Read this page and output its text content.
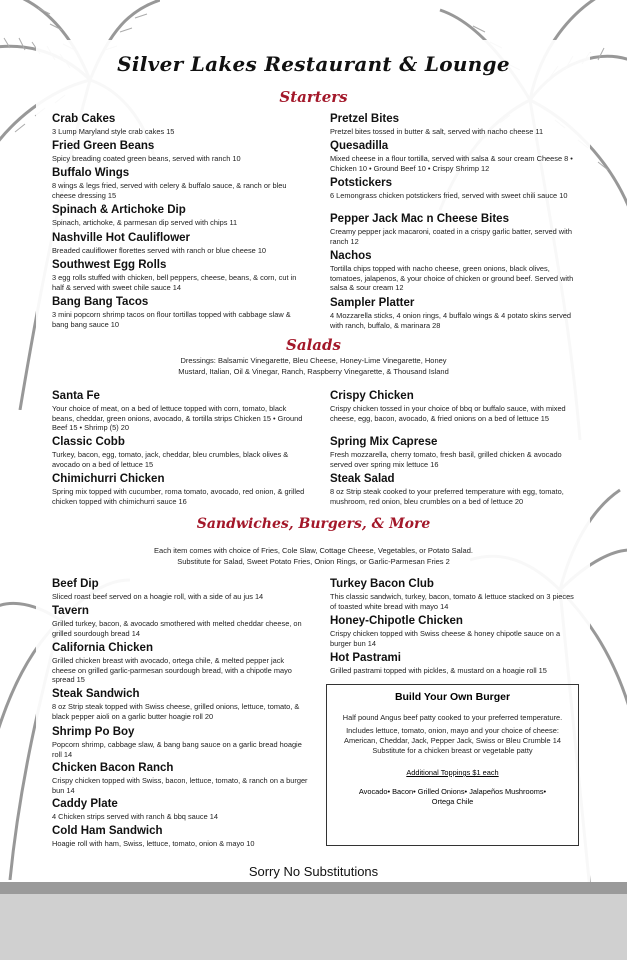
Silver Lakes Restaurant & Lounge
Starters
Crab Cakes
3 Lump Maryland style crab cakes 15
Fried Green Beans
Spicy breading coated green beans, served with ranch 10
Buffalo Wings
8 wings & legs fried, served with celery & buffalo sauce, & ranch or bleu cheese dressing 15
Spinach & Artichoke Dip
Spinach, artichoke, & parmesan dip served with chips 11
Nashville Hot Cauliflower
Breaded cauliflower florettes served with ranch or blue cheese 10
Southwest Egg Rolls
3 egg rolls stuffed with chicken, bell peppers, cheese, beans, & corn, cut in half & served with sweet chile sauce 14
Bang Bang Tacos
3 mini popcorn shrimp tacos on flour tortillas topped with cabbage slaw & bang bang sauce 10
Pretzel Bites
Pretzel bites tossed in butter & salt, served with nacho cheese 11
Quesadilla
Mixed cheese in a flour tortilla, served with salsa & sour cream Cheese 8 • Chicken 10 • Ground Beef 10 • Crispy Shrimp 12
Potstickers
6 Lemongrass chicken potstickers fried, served with sweet chili sauce 10
Pepper Jack Mac n Cheese Bites
Creamy pepper jack macaroni, coated in a crispy garlic batter, served with ranch 12
Nachos
Tortilla chips topped with nacho cheese, green onions, black olives, tomatoes, jalapenos, & your choice of chicken or ground beef. Served with salsa & sour cream 12
Sampler Platter
4 Mozzarella sticks, 4 onion rings, 4 buffalo wings & 4 potato skins served with ranch, buffalo, & marinara 28
Salads
Dressings: Balsamic Vinegarette, Bleu Cheese, Honey-Lime Vinegarette, Honey Mustard, Italian, Oil & Vinegar, Ranch, Raspberry Vinegarette, & Thousand Island
Santa Fe
Your choice of meat, on a bed of lettuce topped with corn, tomato, black beans, cheddar, green onions, avocado, & tortilla strips Chicken 15 • Ground Beef 15 • Shrimp (5) 20
Classic Cobb
Turkey, bacon, egg, tomato, jack, cheddar, bleu crumbles, black olives & avocado on a bed of lettuce 15
Chimichurri Chicken
Spring mix topped with cucumber, roma tomato, avocado, red onion, & grilled chicken topped with chimichurri sauce 16
Crispy Chicken
Crispy chicken tossed in your choice of bbq or buffalo sauce, with mixed cheese, egg, bacon, avocado, & fried onions on a bed of lettuce 15
Spring Mix Caprese
Fresh mozzarella, cherry tomato, fresh basil, grilled chicken & avocado served over spring mix lettuce 16
Steak Salad
8 oz Strip steak cooked to your preferred temperature with egg, tomato, mushroom, red onion, bleu crumbles on a bed of lettuce 20
Sandwiches, Burgers, & More
Each item comes with choice of Fries, Cole Slaw, Cottage Cheese, Vegetables, or Potato Salad.
Substitute for Salad, Sweet Potato Fries, Onion Rings, or Garlic-Parmesan Fries 2
Beef Dip
Sliced roast beef served on a hoagie roll, with a side of au jus 14
Tavern
Grilled turkey, bacon, & avocado smothered with melted cheddar cheese, on grilled sourdough bread 14
California Chicken
Grilled chicken breast with avocado, ortega chile, & melted pepper jack cheese on grilled garlic-parmesan sourdough bread, with a chipotle mayo spread 15
Steak Sandwich
8 oz Strip steak topped with Swiss cheese, grilled onions, lettuce, tomato, & black pepper aioli on a garlic butter hoagie roll 20
Shrimp Po Boy
Popcorn shrimp, cabbage slaw, & bang bang sauce on a garlic bread hoagie roll 14
Chicken Bacon Ranch
Crispy chicken topped with Swiss, bacon, lettuce, tomato, & ranch on a burger bun 14
Caddy Plate
4 Chicken strips served with ranch & bbq sauce 14
Cold Ham Sandwich
Hoagie roll with ham, Swiss, lettuce, tomato, onion & mayo 10
Turkey Bacon Club
This classic sandwich, turkey, bacon, tomato & lettuce stacked on 3 pieces of toasted white bread with mayo 14
Honey-Chipotle Chicken
Crispy chicken topped with Swiss cheese & honey chipotle sauce on a burger bun 14
Hot Pastrami
Grilled pastrami topped with pickles, & mustard on a hoagie roll 15
Build Your Own Burger
Half pound Angus beef patty cooked to your preferred temperature.
Includes lettuce, tomato, onion, mayo and your choice of cheese: American, Cheddar, Jack, Pepper Jack, Swiss or Bleu Crumble 14
Substitute for a chicken breast or vegetable patty
Additional Toppings $1 each
Avocado• Bacon• Grilled Onions• Jalapeños Mushrooms• Ortega Chile
Sorry No Substitutions
